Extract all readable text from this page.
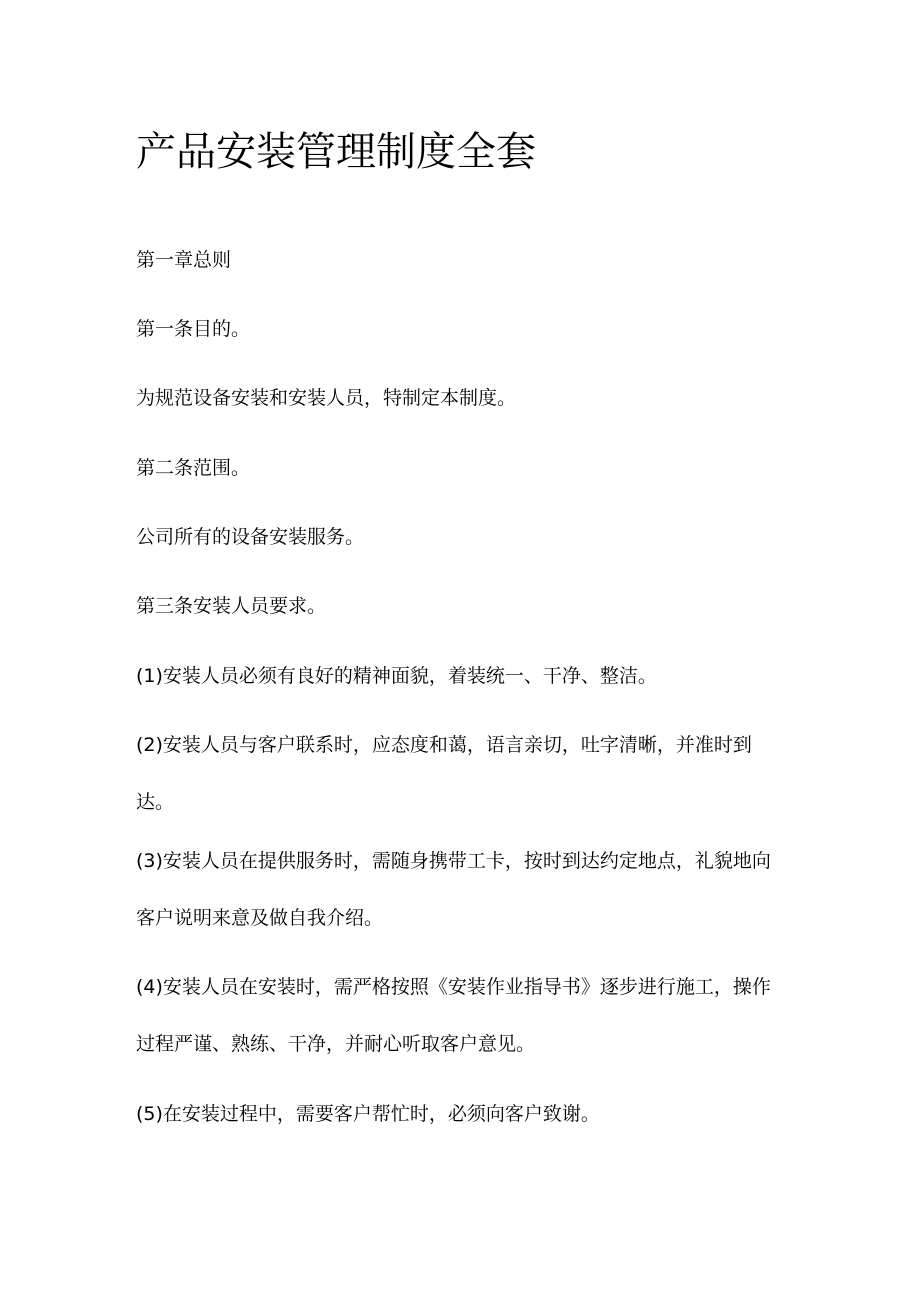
产品安装管理制度全套

第一章总则

第一条目的。

为规范设备安装和安装人员，特制定本制度。

第二条范围。

公司所有的设备安装服务。

第三条安装人员要求。

(1)安装人员必须有良好的精神面貌，着装统一、干净、整洁。

(2)安装人员与客户联系时，应态度和蔼，语言亲切，吐字清晰，并准时到达。

(3)安装人员在提供服务时，需随身携带工卡，按时到达约定地点，礼貌地向客户说明来意及做自我介绍。

(4)安装人员在安装时，需严格按照《安装作业指导书》逐步进行施工，操作过程严谨、熟练、干净，并耐心听取客户意见。

(5)在安装过程中，需要客户帮忙时，必须向客户致谢。
